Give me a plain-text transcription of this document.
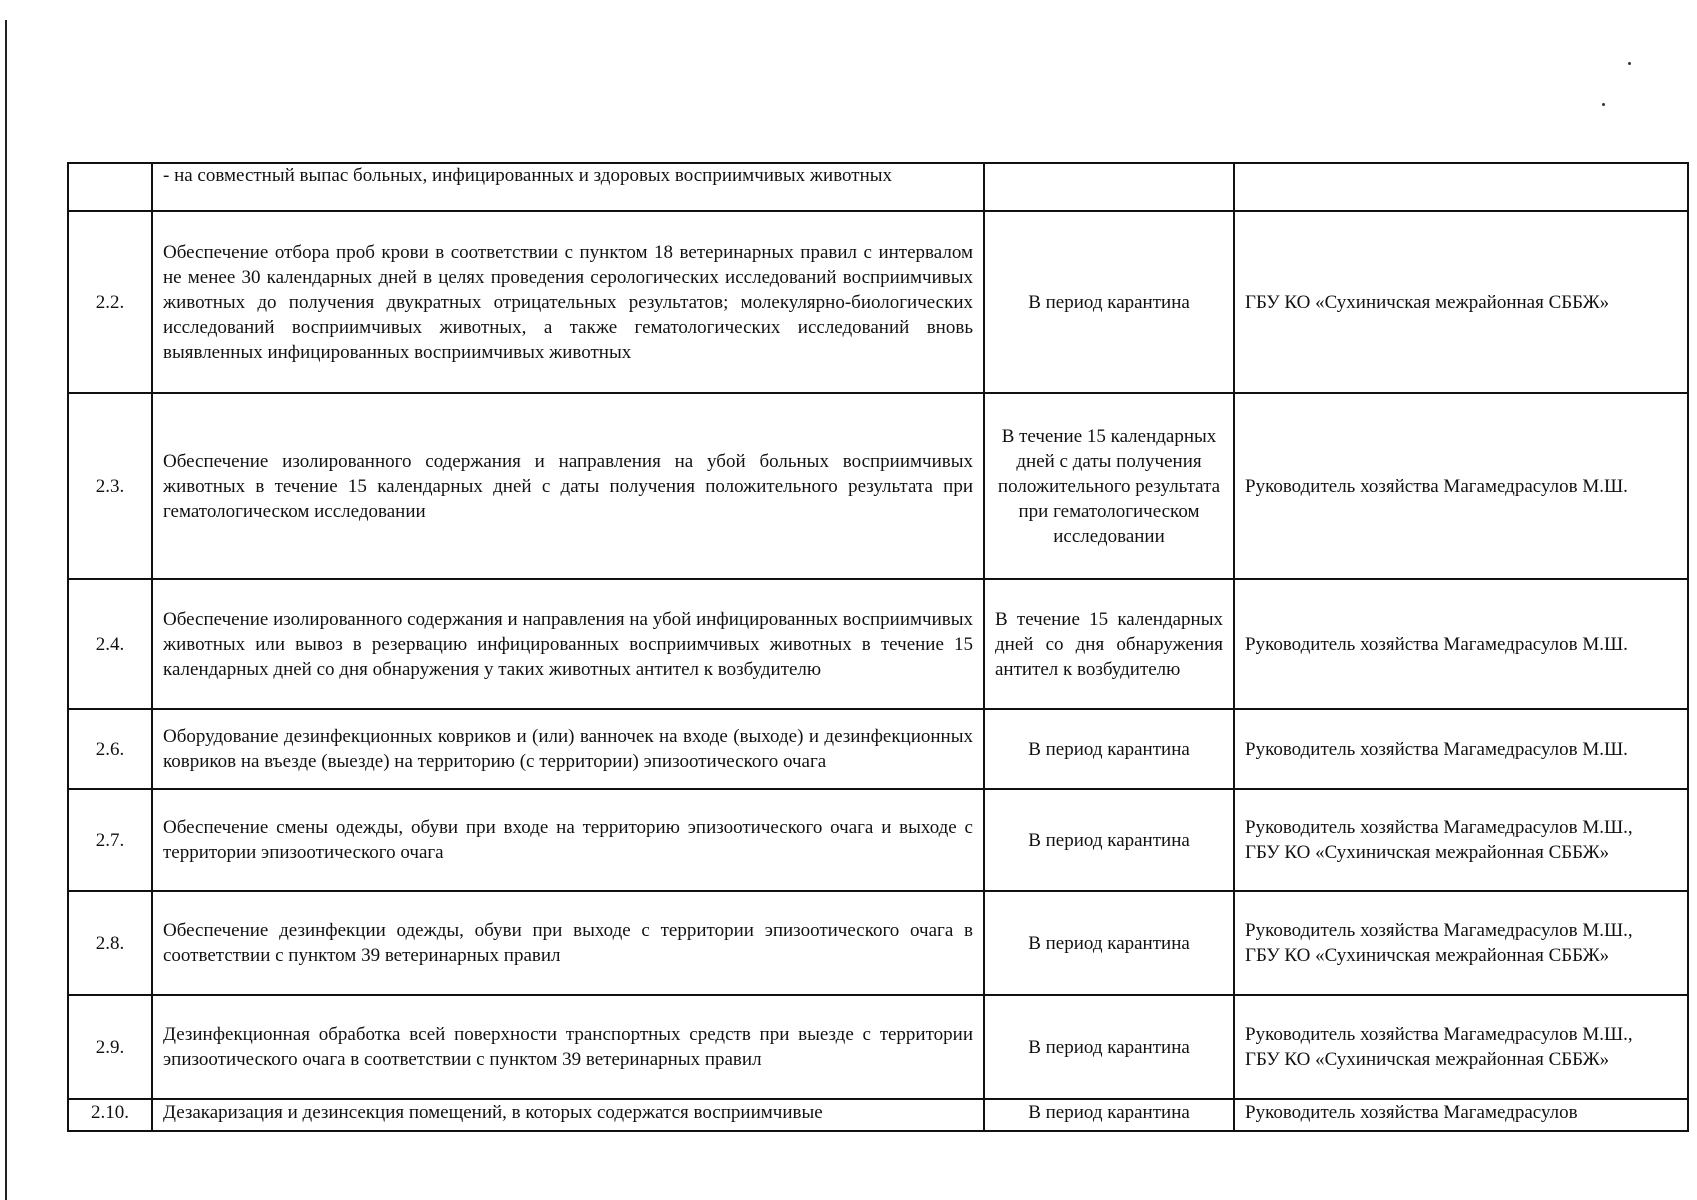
	- на совместный выпас больных, инфицированных и здоровых восприимчивых животных		
2.2.	Обеспечение отбора проб крови в соответствии с пунктом 18 ветеринарных правил с интервалом не менее 30 календарных дней в целях проведения серологических исследований восприимчивых животных до получения двукратных отрицательных результатов; молекулярно-биологических исследований восприимчивых животных, а также гематологических исследований вновь выявленных инфицированных восприимчивых животных	В период карантина	ГБУ КО «Сухиничская межрайонная СББЖ»

2.3.	Обеспечение изолированного содержания и направления на убой больных восприимчивых животных в течение 15 календарных дней с даты получения положительного результата при гематологическом исследовании	В течение 15 календарных дней с даты получения положительного результата при гематологическом исследовании	Руководитель хозяйства Магамедрасулов М.Ш.

2.4.	Обеспечение изолированного содержания и направления на убой инфицированных восприимчивых животных или вывоз в резервацию инфицированных восприимчивых животных в течение 15 календарных дней со дня обнаружения у таких животных антител к возбудителю	В течение 15 календарных дней со дня обнаружения антител к возбудителю	Руководитель хозяйства Магамедрасулов М.Ш.

2.6.	Оборудование дезинфекционных ковриков и (или) ванночек на входе (выходе) и дезинфекционных ковриков на въезде (выезде) на территорию (с территории) эпизоотического очага	В период карантина	Руководитель хозяйства Магамедрасулов М.Ш.

2.7.	Обеспечение смены одежды, обуви при входе на территорию эпизоотического очага и выходе с территории эпизоотического очага	В период карантина	Руководитель хозяйства Магамедрасулов М.Ш.,
ГБУ КО «Сухиничская межрайонная СББЖ»

2.8.	Обеспечение дезинфекции одежды, обуви при выходе с территории эпизоотического очага в соответствии с пунктом 39 ветеринарных правил	В период карантина	Руководитель хозяйства Магамедрасулов М.Ш.,
ГБУ КО «Сухиничская межрайонная СББЖ»

2.9.	Дезинфекционная обработка всей поверхности транспортных средств при выезде с территории эпизоотического очага в соответствии с пунктом 39 ветеринарных правил	В период карантина	Руководитель хозяйства Магамедрасулов М.Ш.,
ГБУ КО «Сухиничская межрайонная СББЖ»

2.10.	Дезакаризация и дезинсекция помещений, в которых содержатся восприимчивые	В период карантина	Руководитель хозяйства Магамедрасулов
